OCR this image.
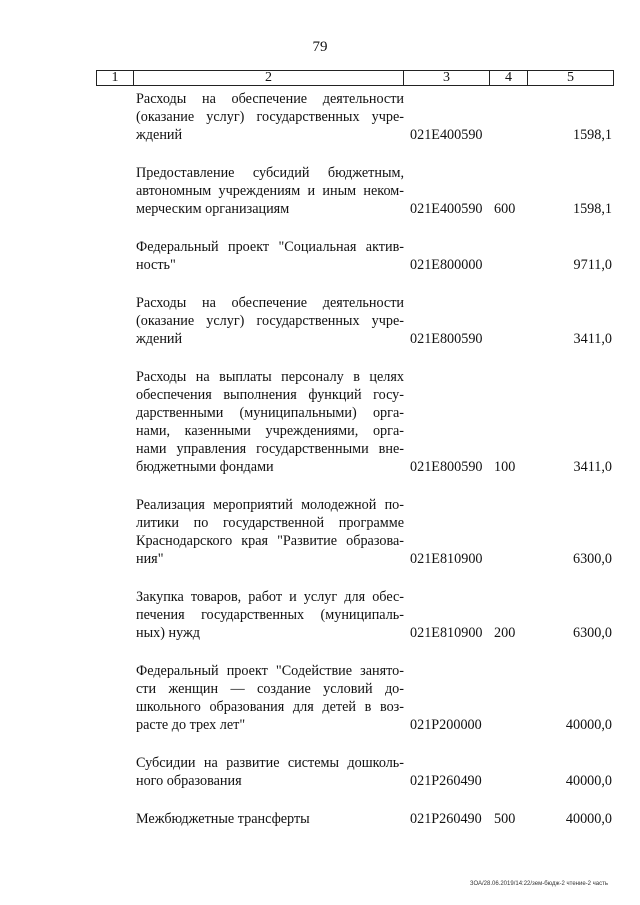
79
1	2	3	4	5
Расходы на обеспечение деятельности
(оказание услуг) государственных учре-
ждений	021E400590	1598,1
Предоставление субсидий бюджетным,
автономным учреждениям и иным неком-
мерческим организациям	021E400590 600	1598,1
Федеральный проект "Социальная актив-
ность"	021E800000	9711,0
Расходы на обеспечение деятельности
(оказание услуг) государственных учре-
ждений	021E800590	3411,0
Расходы на выплаты персоналу в целях
обеспечения выполнения функций госу-
дарственными (муниципальными) орга-
нами, казенными учреждениями, орга-
нами управления государственными вне-
бюджетными фондами	021E800590 100	3411,0
Реализация мероприятий молодежной по-
литики по государственной программе
Краснодарского края "Развитие образова-
ния"	021E810900	6300,0
Закупка товаров, работ и услуг для обес-
печения государственных (муниципаль-
ных) нужд	021E810900 200	6300,0
Федеральный проект "Содействие занято-
сти женщин — создание условий до-
школьного образования для детей в воз-
расте до трех лет"	021P200000	40000,0
Субсидии на развитие системы дошколь-
ного образования	021P260490	40000,0
Межбюджетные трансферты	021P260490 500	40000,0
ЗОА/28.06.2019/14:22/зем-бюдж-2 чтение-2 часть
